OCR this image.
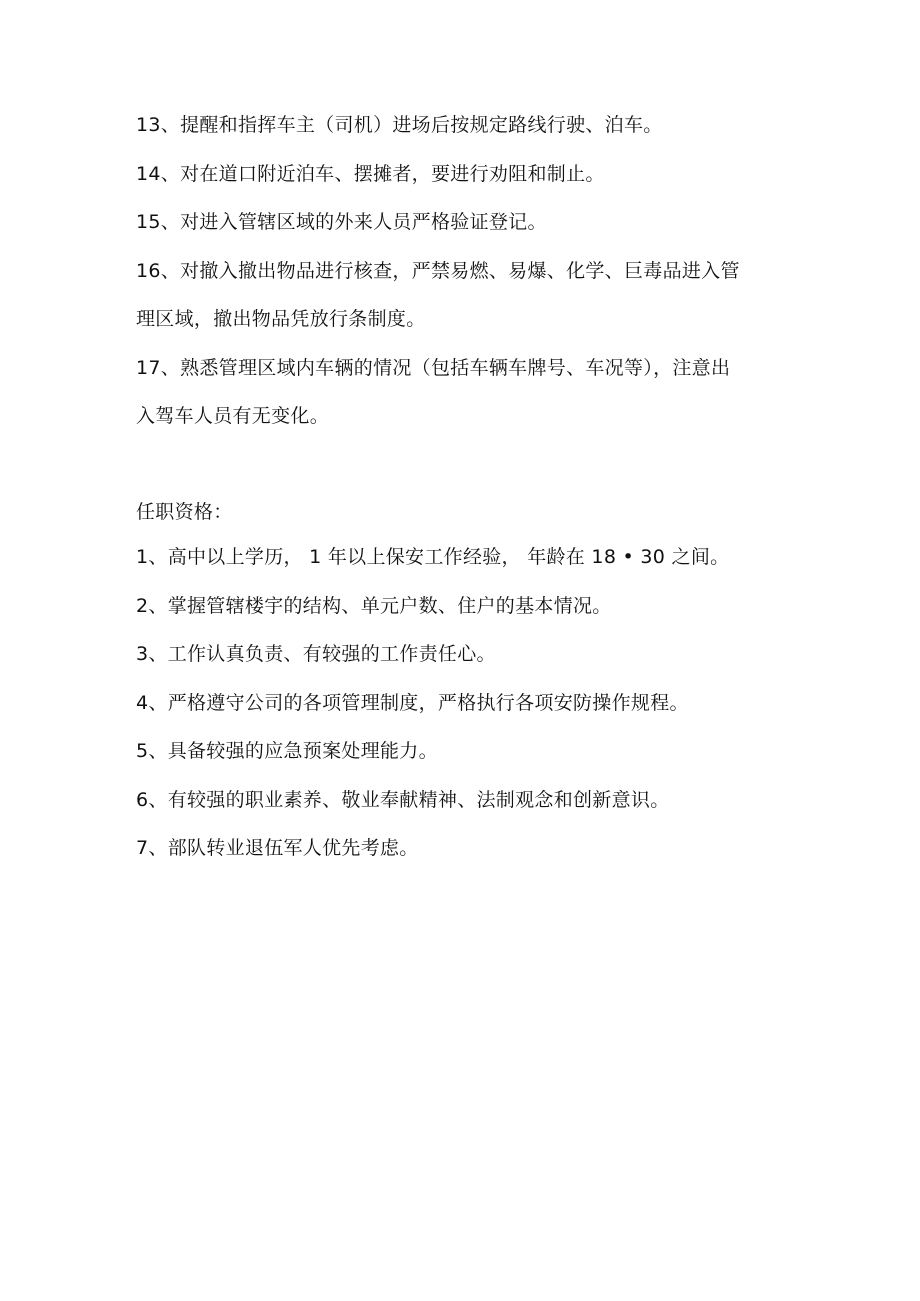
13、提醒和指挥车主（司机）进场后按规定路线行驶、泊车。
14、对在道口附近泊车、摆摊者，要进行劝阻和制止。
15、对进入管辖区域的外来人员严格验证登记。
16、对撤入撤出物品进行核查，严禁易燃、易爆、化学、巨毒品进入管
理区域，撤出物品凭放行条制度。
17、熟悉管理区域内车辆的情况（包括车辆车牌号、车况等），注意出
入驾车人员有无变化。
任职资格：
1、高中以上学历， 1 年以上保安工作经验， 年龄在 18 • 30 之间。
2、掌握管辖楼宇的结构、单元户数、住户的基本情况。
3、工作认真负责、有较强的工作责任心。
4、严格遵守公司的各项管理制度，严格执行各项安防操作规程。
5、具备较强的应急预案处理能力。
6、有较强的职业素养、敬业奉献精神、法制观念和创新意识。
7、部队转业退伍军人优先考虑。
